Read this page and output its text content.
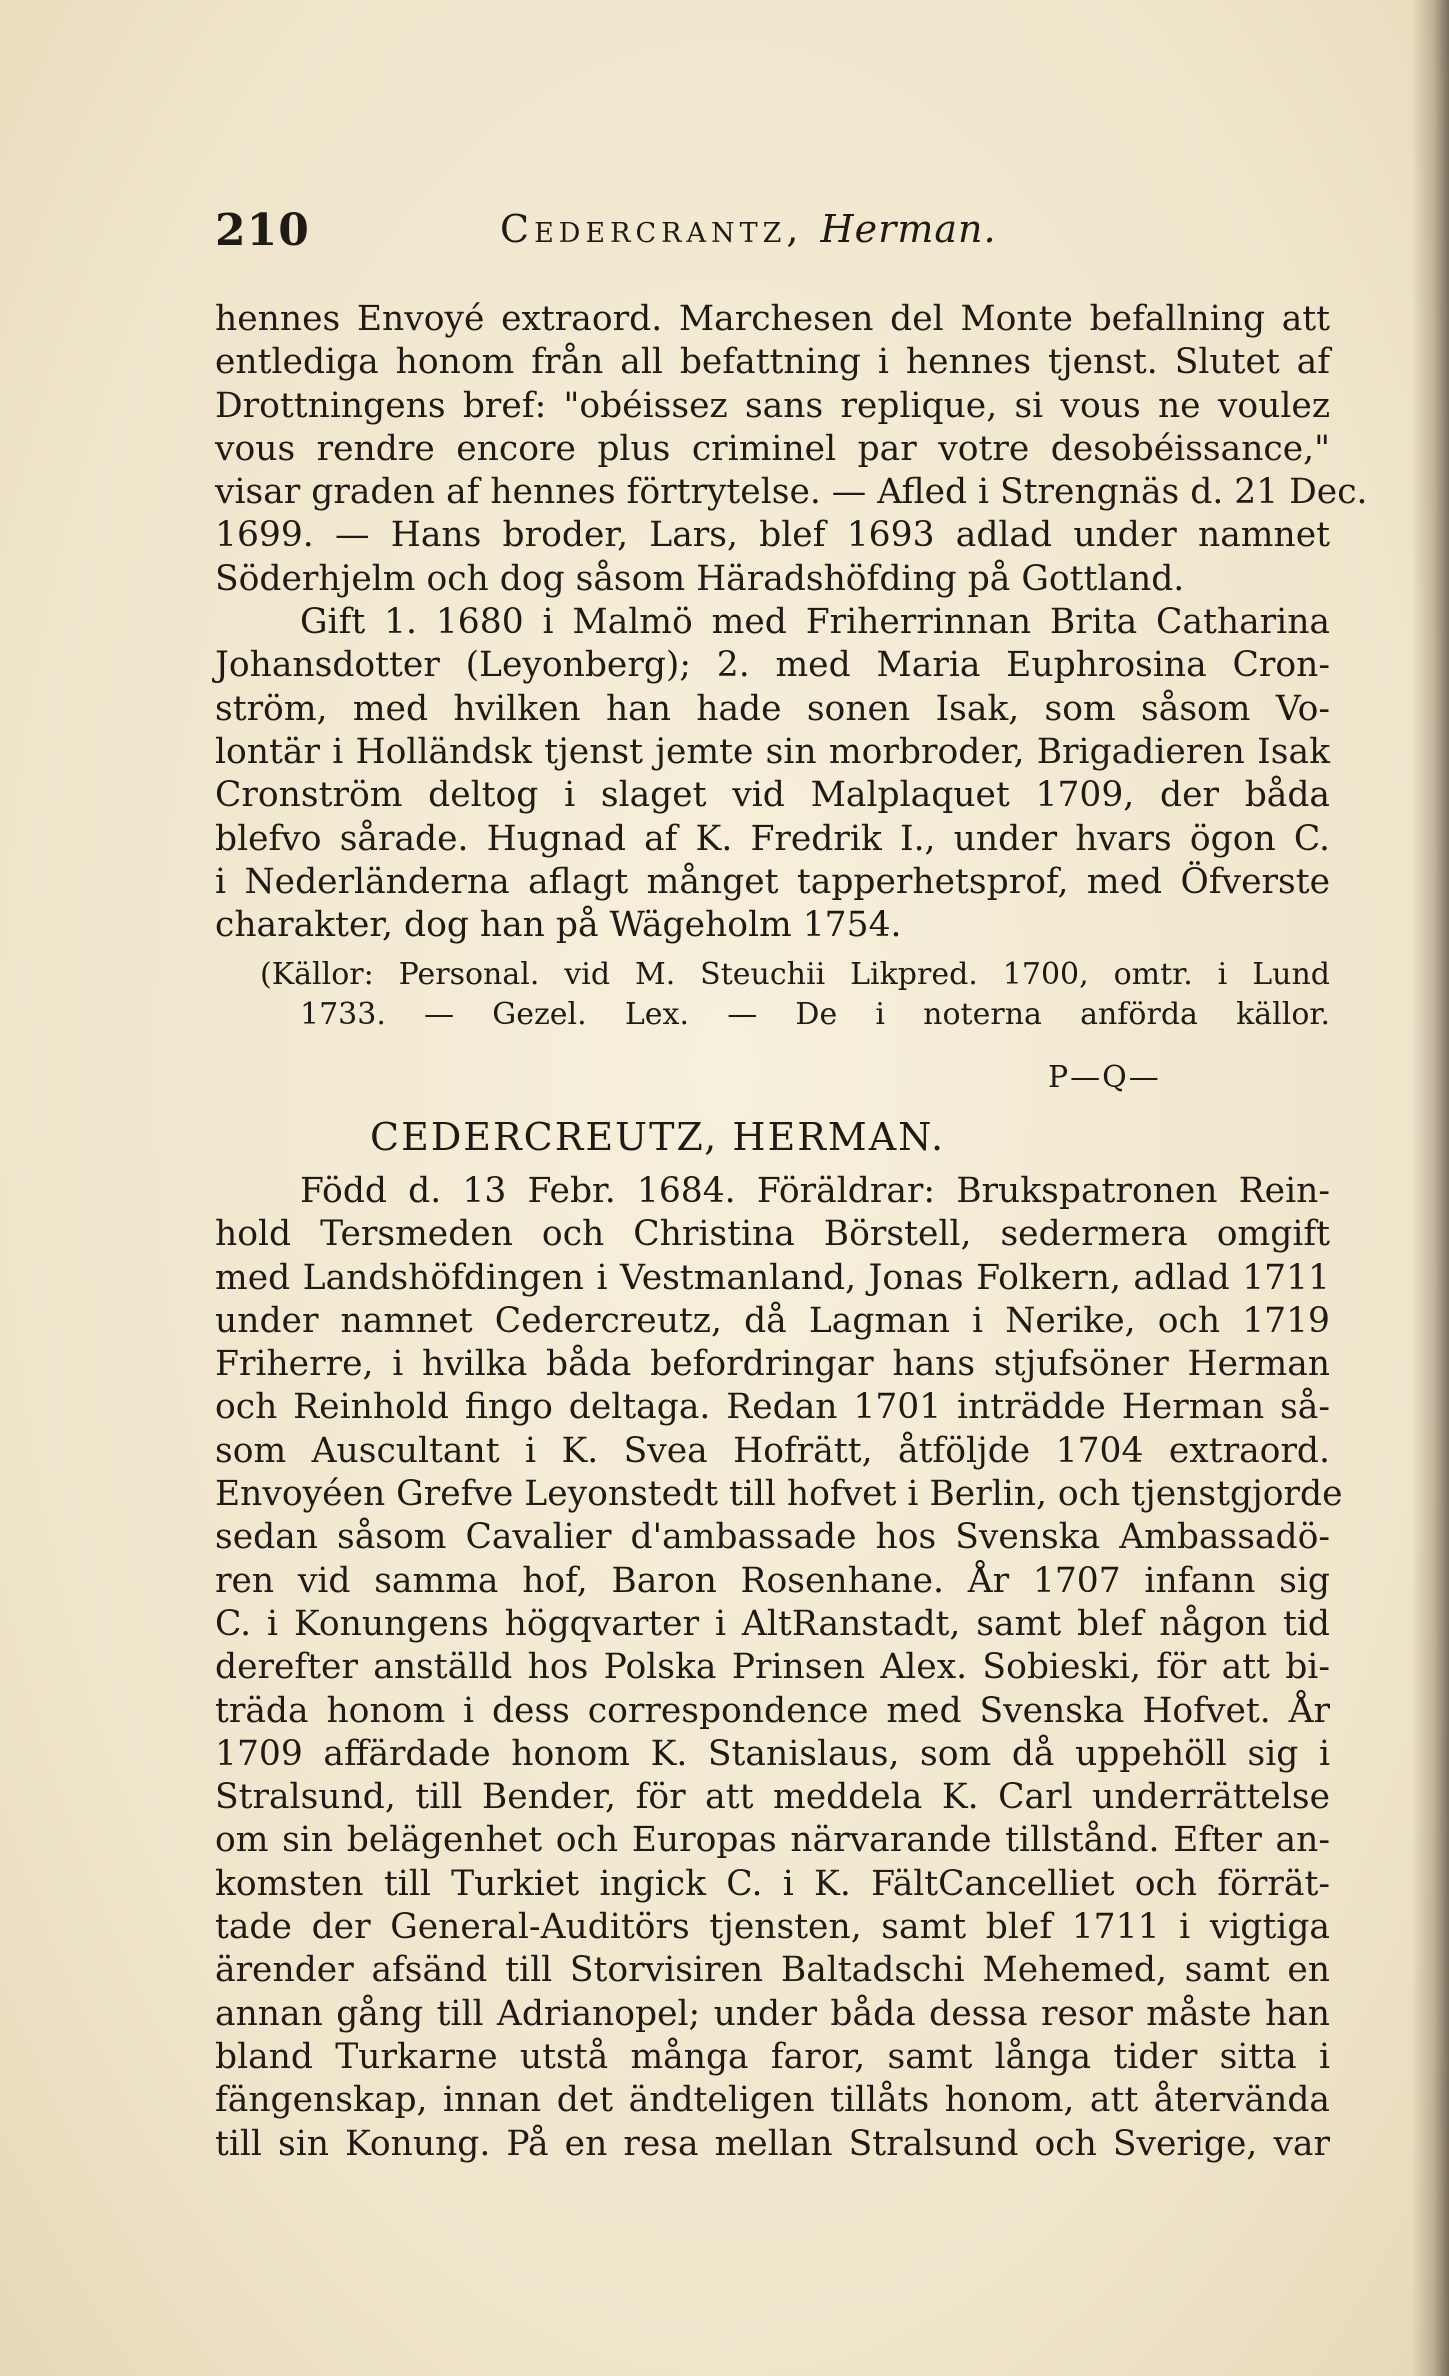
210	Cedercrantz, Herman.
hennes Envoyé extraord. Marchesen del Monte befallning att
entlediga honom från all befattning i hennes tjenst. Slutet af
Drottningens bref: "obéissez sans replique, si vous ne voulez
vous rendre encore plus criminel par votre desobéissance,"
visar graden af hennes förtrytelse. — Afled i Strengnäs d. 21 Dec.
1699. — Hans broder, Lars, blef 1693 adlad under namnet
Söderhjelm och dog såsom Häradshöfding på Gottland.
Gift 1. 1680 i Malmö med Friherrinnan Brita Catharina
Johansdotter (Leyonberg); 2. med Maria Euphrosina Cron-
ström, med hvilken han hade sonen Isak, som såsom Vo-
lontär i Holländsk tjenst jemte sin morbroder, Brigadieren Isak
Cronström deltog i slaget vid Malplaquet 1709, der båda
blefvo sårade. Hugnad af K. Fredrik I., under hvars ögon C.
i Nederländerna aflagt månget tapperhetsprof, med Öfverste
charakter, dog han på Wägeholm 1754.
(Källor: Personal. vid M. Steuchii Likpred. 1700, omtr. i Lund
1733. — Gezel. Lex. — De i noterna anförda källor.
P—Q—
CEDERCREUTZ, HERMAN.
Född d. 13 Febr. 1684. Föräldrar: Brukspatronen Rein-
hold Tersmeden och Christina Börstell, sedermera omgift
med Landshöfdingen i Vestmanland, Jonas Folkern, adlad 1711
under namnet Cedercreutz, då Lagman i Nerike, och 1719
Friherre, i hvilka båda befordringar hans stjufsöner Herman
och Reinhold fingo deltaga. Redan 1701 inträdde Herman så-
som Auscultant i K. Svea Hofrätt, åtföljde 1704 extraord.
Envoyéen Grefve Leyonstedt till hofvet i Berlin, och tjenstgjorde
sedan såsom Cavalier d'ambassade hos Svenska Ambassadö-
ren vid samma hof, Baron Rosenhane. År 1707 infann sig
C. i Konungens högqvarter i AltRanstadt, samt blef någon tid
derefter anställd hos Polska Prinsen Alex. Sobieski, för att bi-
träda honom i dess correspondence med Svenska Hofvet. År
1709 affärdade honom K. Stanislaus, som då uppehöll sig i
Stralsund, till Bender, för att meddela K. Carl underrättelse
om sin belägenhet och Europas närvarande tillstånd. Efter an-
komsten till Turkiet ingick C. i K. FältCancelliet och förrät-
tade der General-Auditörs tjensten, samt blef 1711 i vigtiga
ärender afsänd till Storvisiren Baltadschi Mehemed, samt en
annan gång till Adrianopel; under båda dessa resor måste han
bland Turkarne utstå många faror, samt långa tider sitta i
fängenskap, innan det ändteligen tillåts honom, att återvända
till sin Konung. På en resa mellan Stralsund och Sverige, var
